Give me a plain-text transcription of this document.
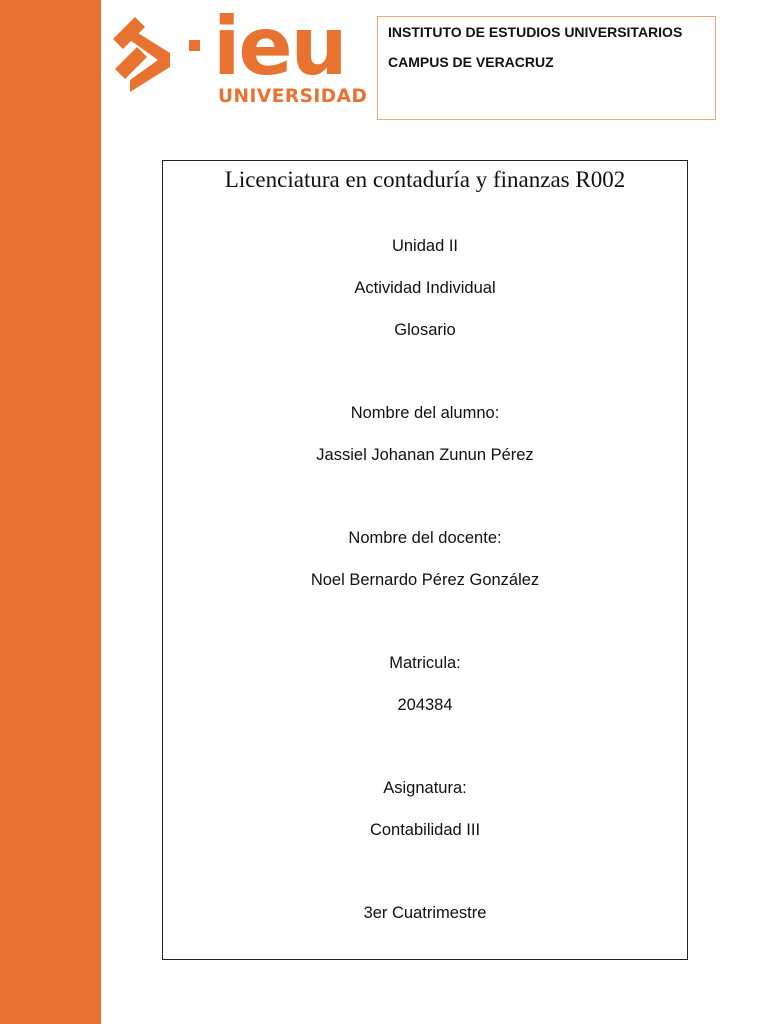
ieu
UNIVERSIDAD
INSTITUTO DE ESTUDIOS UNIVERSITARIOS
CAMPUS DE VERACRUZ
Licenciatura en contaduría y finanzas R002
Unidad II
Actividad Individual
Glosario
Nombre del alumno:
Jassiel Johanan Zunun Pérez
Nombre del docente:
Noel Bernardo Pérez González
Matricula:
204384
Asignatura:
Contabilidad III
3er Cuatrimestre
